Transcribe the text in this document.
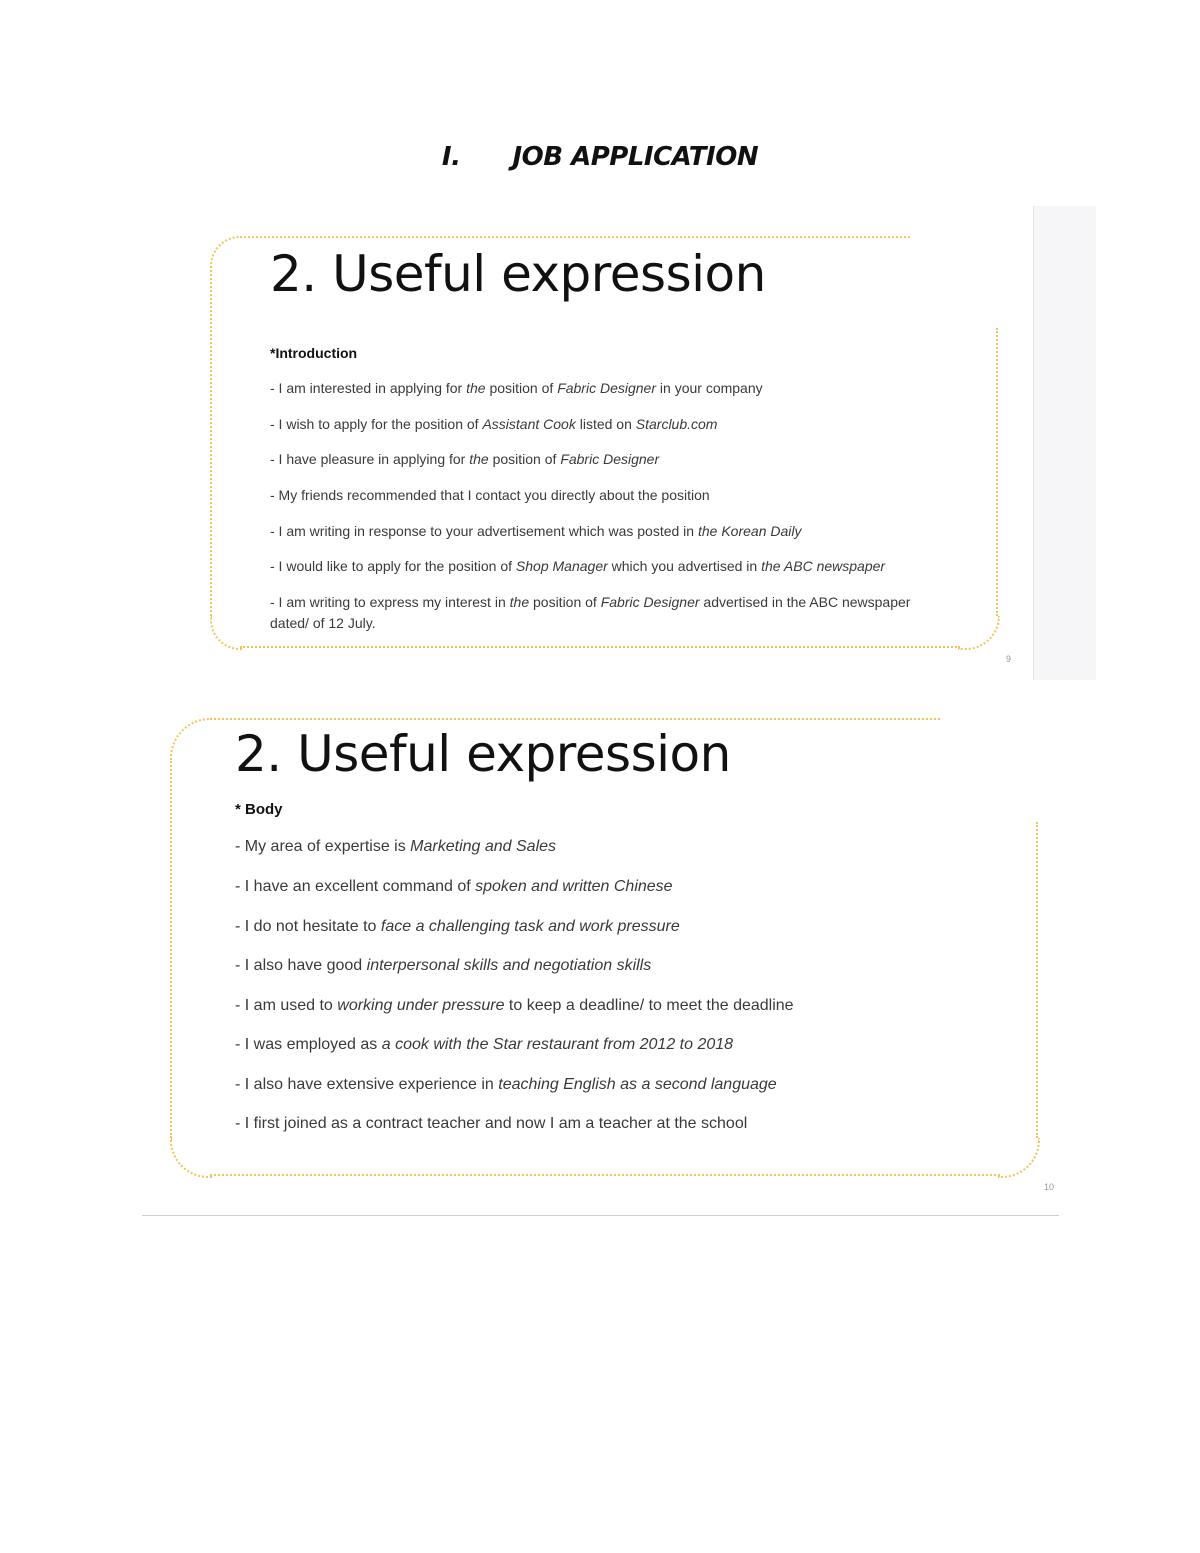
I. JOB APPLICATION
2. Useful expression
*Introduction
- I am interested in applying for the position of Fabric Designer in your company
- I wish to apply for the position of Assistant Cook listed on Starclub.com
- I have pleasure in applying for the position of Fabric Designer
- My friends recommended that I contact you directly about the position
- I am writing in response to your advertisement which was posted in the Korean Daily
- I would like to apply for the position of Shop Manager which you advertised in the ABC newspaper
- I am writing to express my interest in the position of Fabric Designer advertised in the ABC newspaper
dated/ of 12 July.
9
2. Useful expression
* Body
- My area of expertise is Marketing and Sales
- I have an excellent command of spoken and written Chinese
- I do not hesitate to face a challenging task and work pressure
- I also have good interpersonal skills and negotiation skills
- I am used to working under pressure to keep a deadline/ to meet the deadline
- I was employed as a cook with the Star restaurant from 2012 to 2018
- I also have extensive experience in teaching English as a second language
- I first joined as a contract teacher and now I am a teacher at the school
10
